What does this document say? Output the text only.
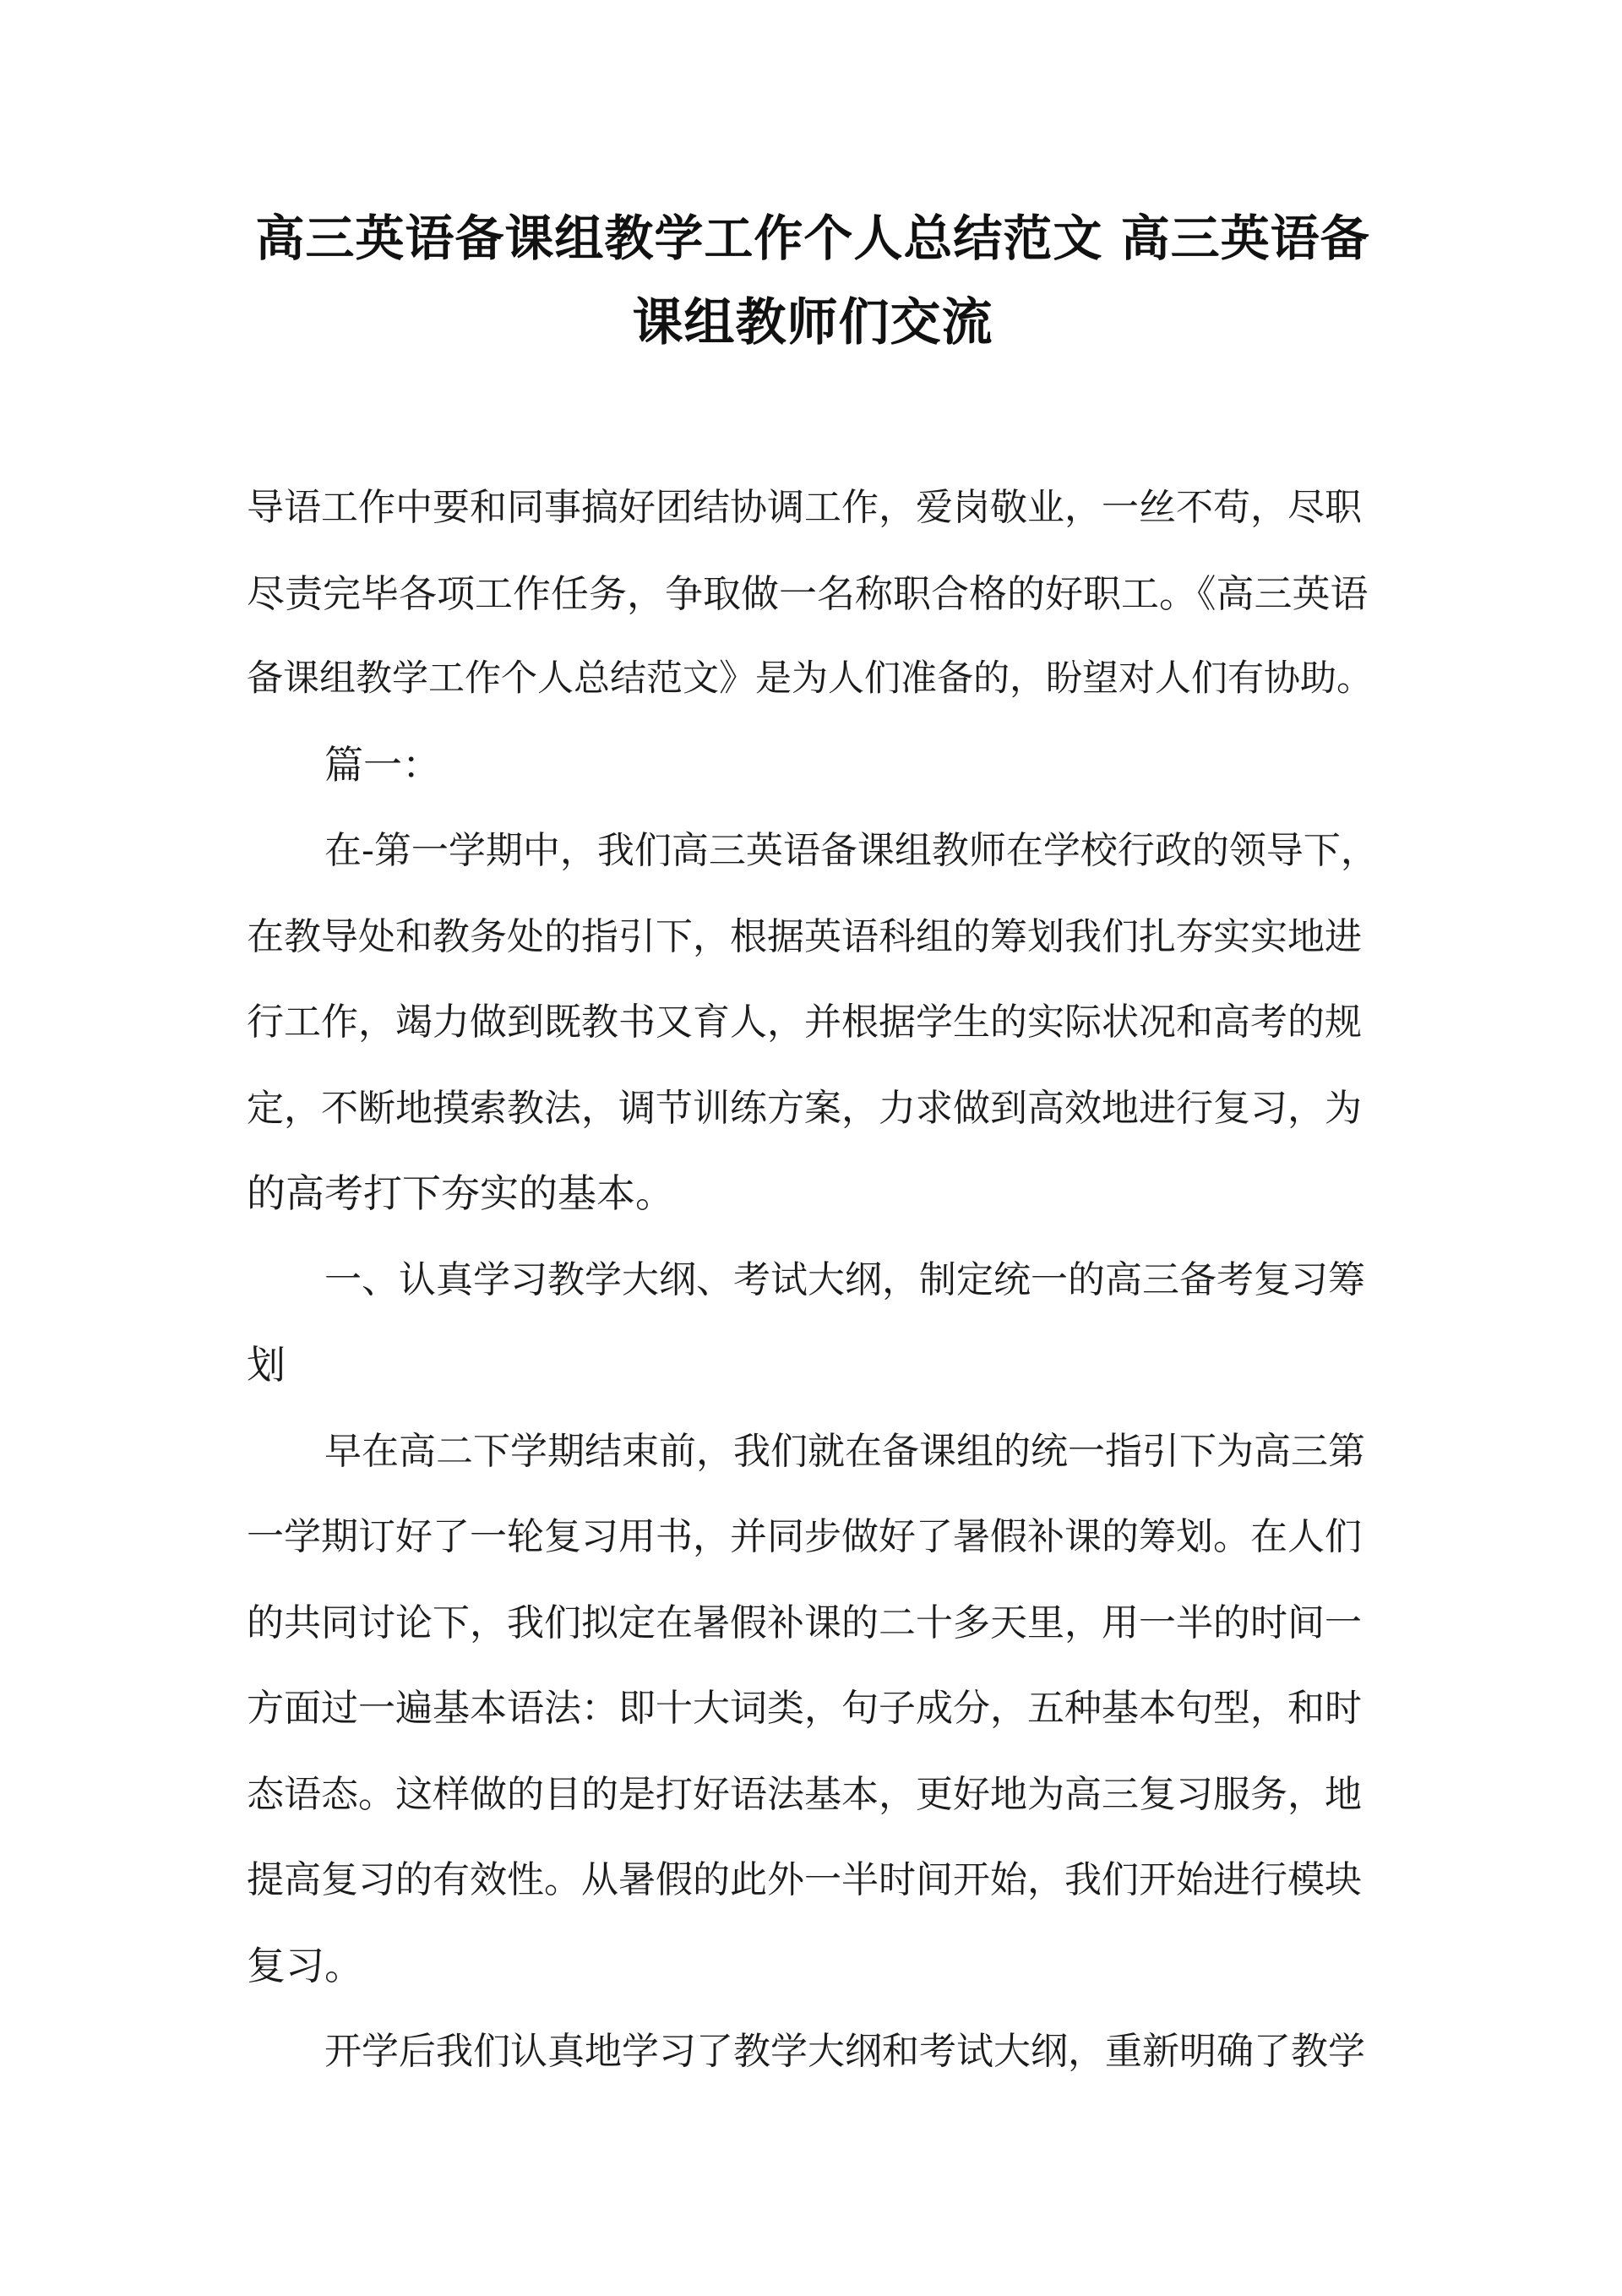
高三英语备课组教学工作个人总结范文 高三英语备
课组教师们交流
导语工作中要和同事搞好团结协调工作，爱岗敬业，一丝不苟，尽职
尽责完毕各项工作任务，争取做一名称职合格的好职工。《高三英语
备课组教学工作个人总结范文》是为人们准备的，盼望对人们有协助。
篇一：
在-第一学期中，我们高三英语备课组教师在学校行政的领导下，
在教导处和教务处的指引下，根据英语科组的筹划我们扎夯实实地进
行工作，竭力做到既教书又育人，并根据学生的实际状况和高考的规
定，不断地摸索教法，调节训练方案，力求做到高效地进行复习，为
的高考打下夯实的基本。
一、认真学习教学大纲、考试大纲，制定统一的高三备考复习筹
划
早在高二下学期结束前，我们就在备课组的统一指引下为高三第
一学期订好了一轮复习用书，并同步做好了暑假补课的筹划。在人们
的共同讨论下，我们拟定在暑假补课的二十多天里，用一半的时间一
方面过一遍基本语法：即十大词类，句子成分，五种基本句型，和时
态语态。这样做的目的是打好语法基本，更好地为高三复习服务，地
提高复习的有效性。从暑假的此外一半时间开始，我们开始进行模块
复习。
开学后我们认真地学习了教学大纲和考试大纲，重新明确了教学
